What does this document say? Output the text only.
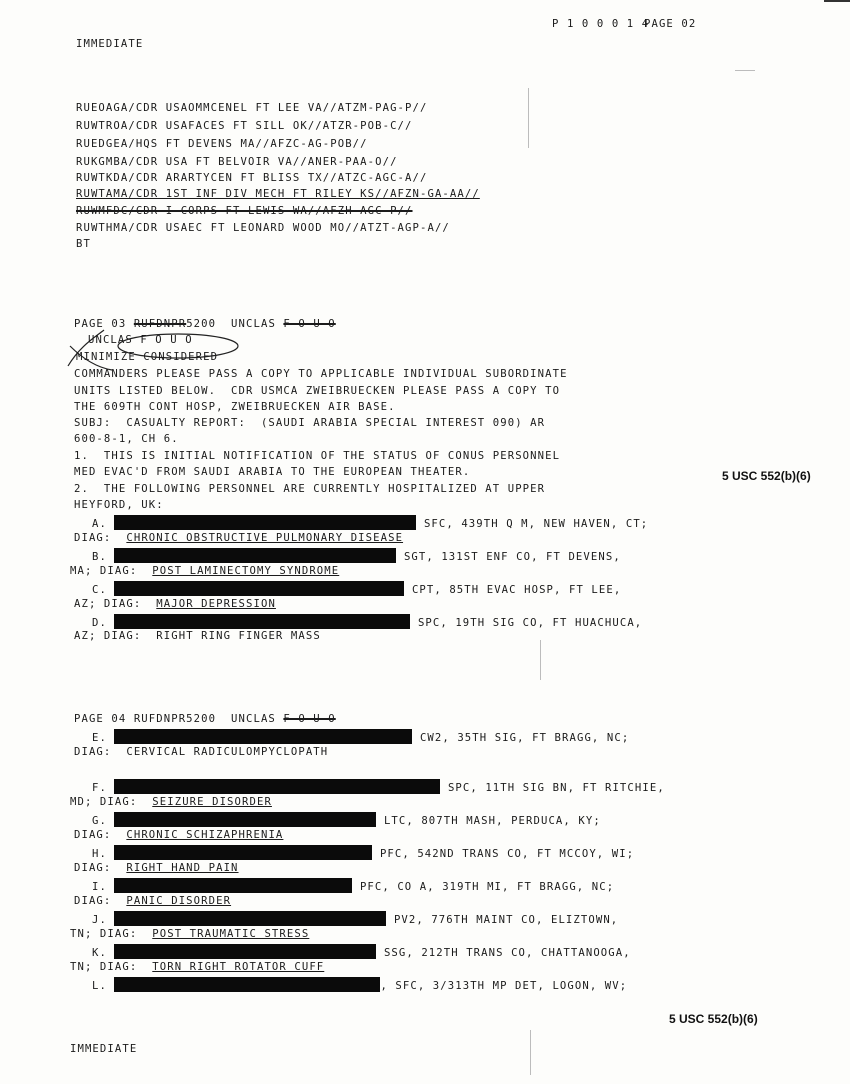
P 1 0 0 0 1 4
PAGE 02
IMMEDIATE
RUEOAGA/CDR USAOMMCENEL FT LEE VA//ATZM-PAG-P//
RUWTROA/CDR USAFACES FT SILL OK//ATZR-POB-C//
RUEDGEA/HQS FT DEVENS MA//AFZC-AG-POB//
RUKGMBA/CDR USA FT BELVOIR VA//ANER-PAA-O//
RUWTKDA/CDR ARARTYCEN FT BLISS TX//ATZC-AGC-A//
RUWTAMA/CDR 1ST INF DIV MECH FT RILEY KS//AFZN-GA-AA//
RUWMFDC/CDR I CORPS FT LEWIS WA//AFZH-AGC-P//
RUWTHMA/CDR USAEC FT LEONARD WOOD MO//ATZT-AGP-A//
BT
PAGE 03 RUFDNPR5200  UNCLAS F O U O
UNCLAS F O U O
MINIMIZE CONSIDERED
COMMANDERS PLEASE PASS A COPY TO APPLICABLE INDIVIDUAL SUBORDINATE
UNITS LISTED BELOW.  CDR USMCA ZWEIBRUECKEN PLEASE PASS A COPY TO
THE 609TH CONT HOSP, ZWEIBRUECKEN AIR BASE.
SUBJ:  CASUALTY REPORT:  (SAUDI ARABIA SPECIAL INTEREST 090) AR
600-8-1, CH 6.
1.  THIS IS INITIAL NOTIFICATION OF THE STATUS OF CONUS PERSONNEL
MED EVAC'D FROM SAUDI ARABIA TO THE EUROPEAN THEATER.
2.  THE FOLLOWING PERSONNEL ARE CURRENTLY HOSPITALIZED AT UPPER
HEYFORD, UK:
5 USC 552(b)(6)
A.	SFC, 439TH Q M, NEW HAVEN, CT;
DIAG: CHRONIC OBSTRUCTIVE PULMONARY DISEASE
B.	SGT, 131ST ENF CO, FT DEVENS,
MA; DIAG: POST LAMINECTOMY SYNDROME
C.	CPT, 85TH EVAC HOSP, FT LEE,
AZ; DIAG: MAJOR DEPRESSION
D.	SPC, 19TH SIG CO, FT HUACHUCA,
AZ; DIAG: RIGHT RING FINGER MASS
PAGE 04 RUFDNPR5200  UNCLAS F O U O
E.	CW2, 35TH SIG, FT BRAGG, NC;
DIAG: CERVICAL RADICULOMPYCLOPATH
F.	SPC, 11TH SIG BN, FT RITCHIE,
MD; DIAG: SEIZURE DISORDER
G.	LTC, 807TH MASH, PERDUCA, KY;
DIAG: CHRONIC SCHIZAPHRENIA
H.	PFC, 542ND TRANS CO, FT MCCOY, WI;
DIAG: RIGHT HAND PAIN
I.	PFC, CO A, 319TH MI, FT BRAGG, NC;
DIAG: PANIC DISORDER
J.	PV2, 776TH MAINT CO, ELIZTOWN,
TN; DIAG: POST TRAUMATIC STRESS
K.	SSG, 212TH TRANS CO, CHATTANOOGA,
TN; DIAG: TORN RIGHT ROTATOR CUFF
L.	, SFC, 3/313TH MP DET, LOGON, WV;
5 USC 552(b)(6)
IMMEDIATE
